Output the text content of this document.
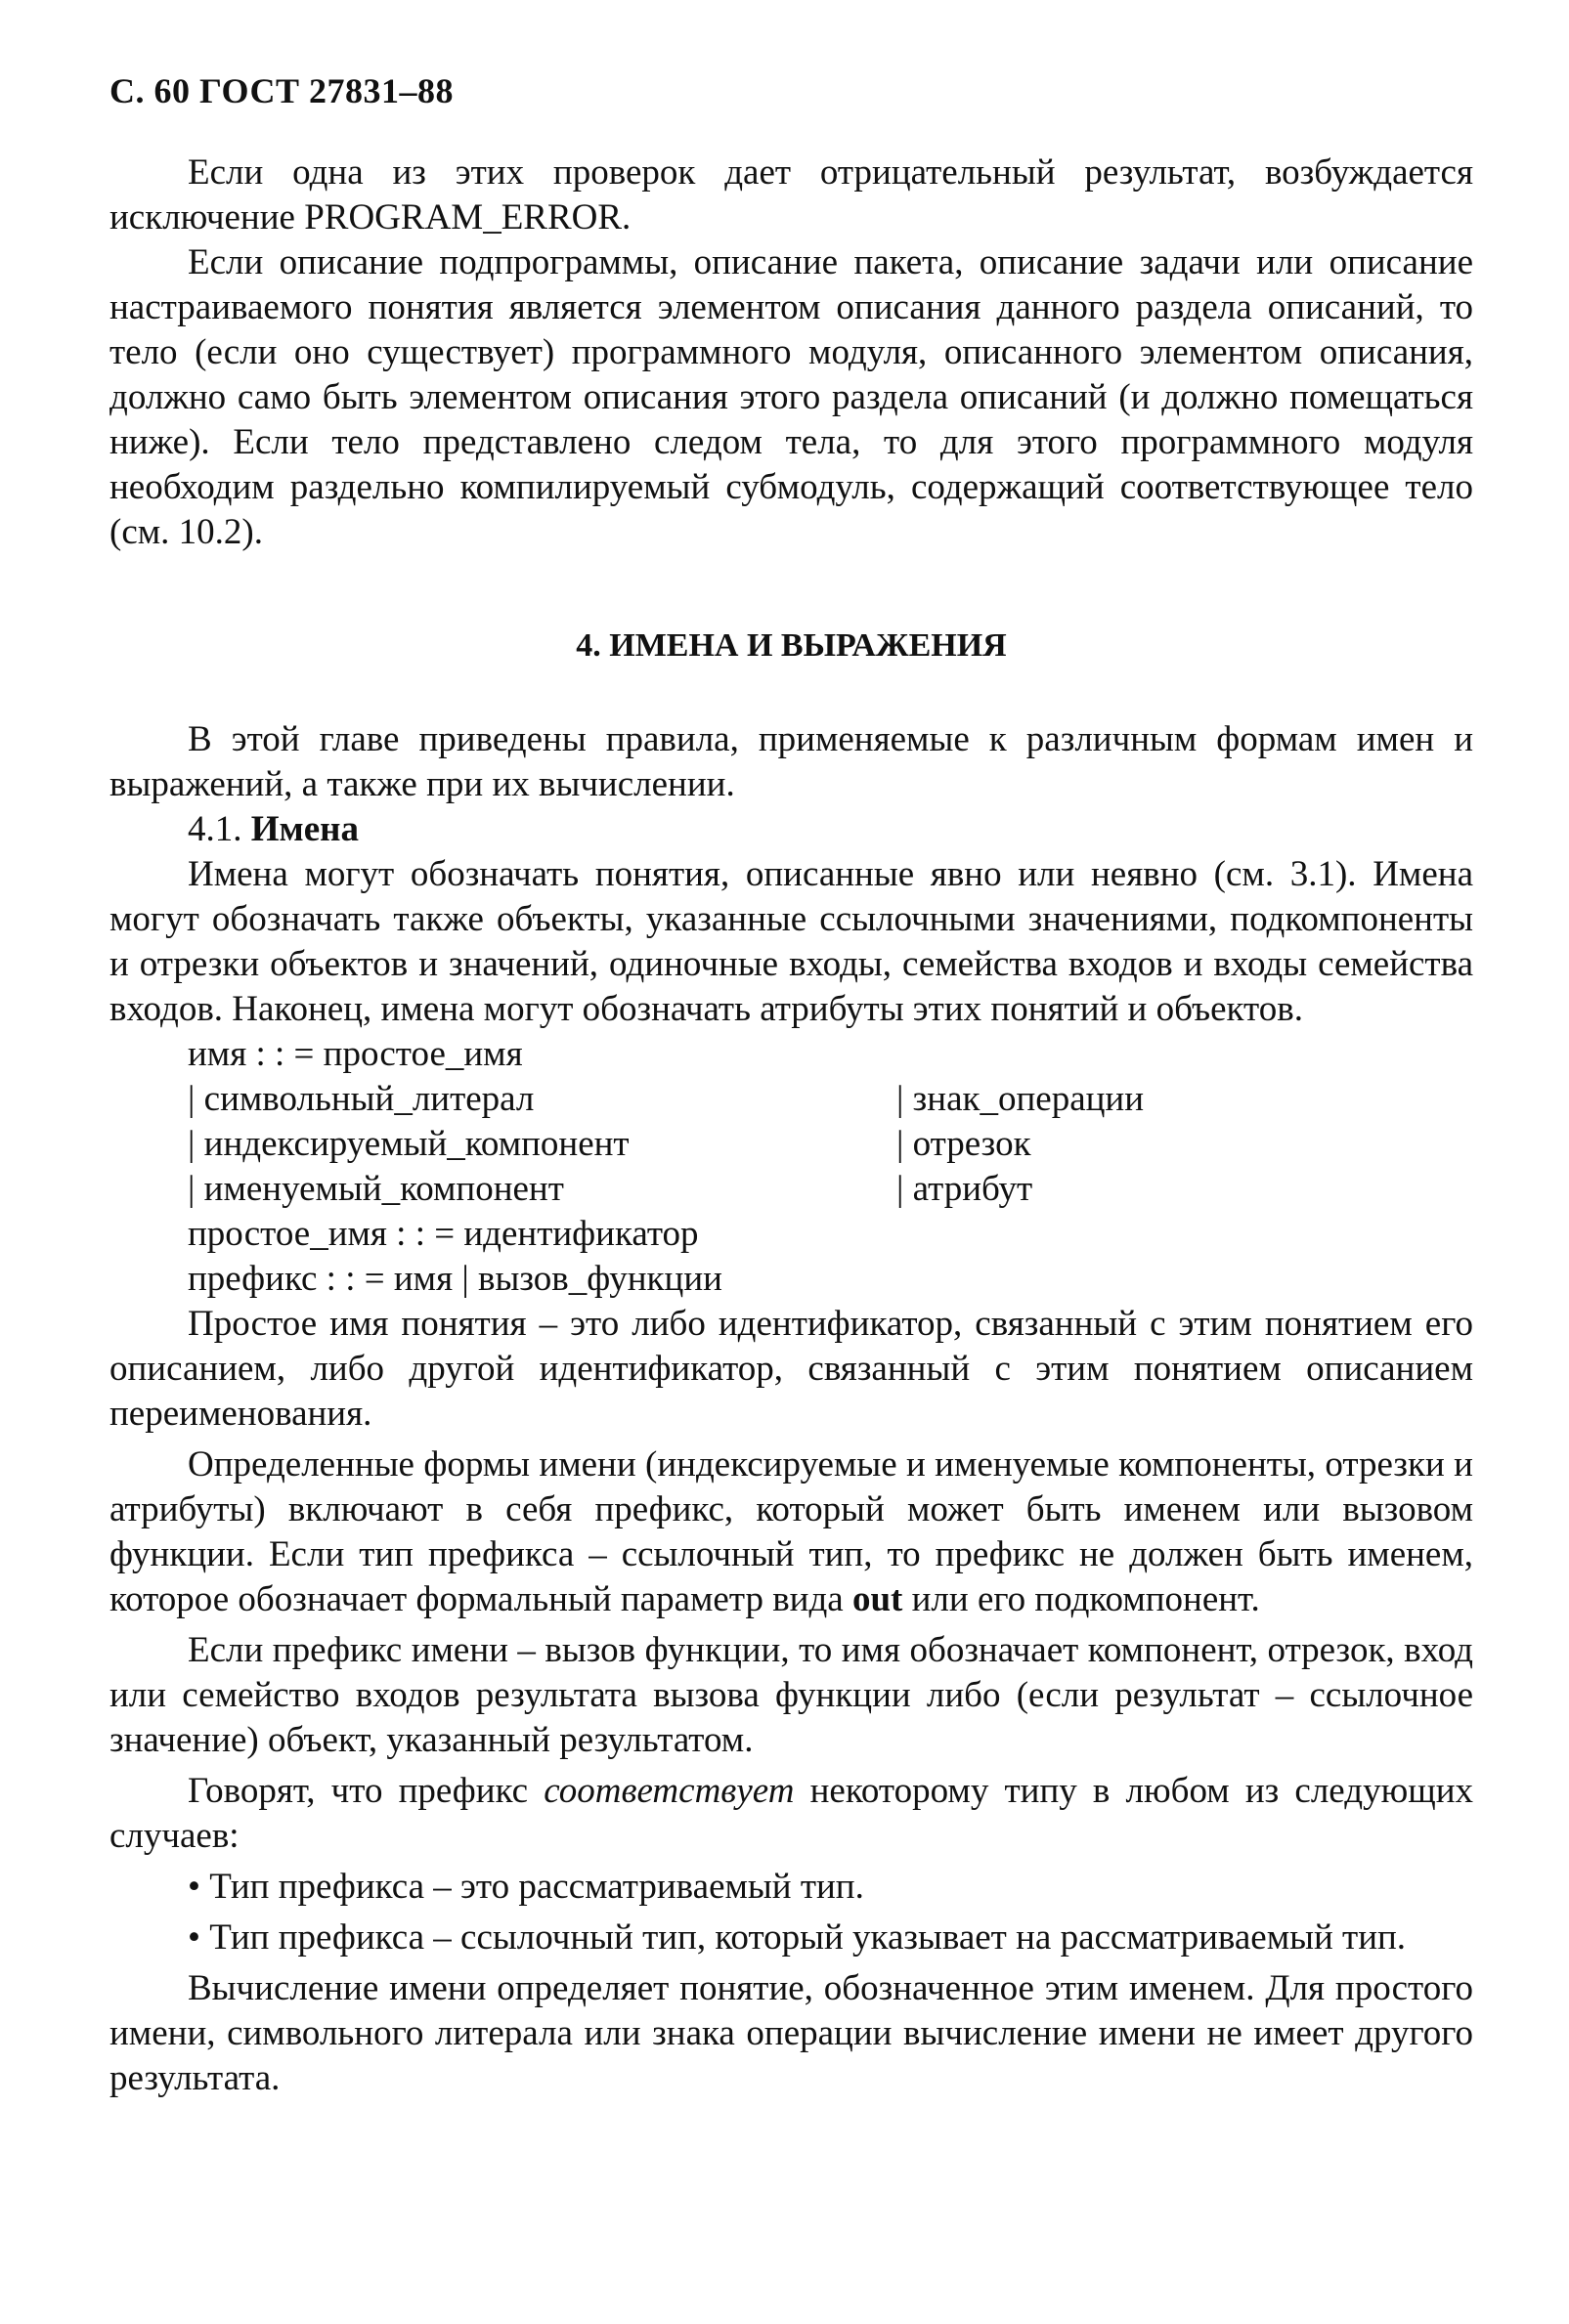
С. 60 ГОСТ 27831–88

Если одна из этих проверок дает отрицательный результат, возбуждается исключение PROGRAM_ERROR.

Если описание подпрограммы, описание пакета, описание задачи или описание настраиваемого понятия является элементом описания данного раздела описаний, то тело (если оно существует) программного модуля, описанного элементом описания, должно само быть элементом описания этого раздела описаний (и должно помещаться ниже). Если тело представлено следом тела, то для этого программного модуля необходим раздельно компилируемый субмодуль, содержащий соответствующее тело (см. 10.2).

4. ИМЕНА И ВЫРАЖЕНИЯ

В этой главе приведены правила, применяемые к различным формам имен и выражений, а также при их вычислении.

4.1. Имена

Имена могут обозначать понятия, описанные явно или неявно (см. 3.1). Имена могут обозначать также объекты, указанные ссылочными значениями, подкомпоненты и отрезки объектов и значений, одиночные входы, семейства входов и входы семейства входов. Наконец, имена могут обозначать атрибуты этих понятий и объектов.

имя : : = простое_имя
| символьный_литерал	| знак_операции
| индексируемый_компонент	| отрезок
| именуемый_компонент	| атрибут
простое_имя : : = идентификатор
префикс : : = имя | вызов_функции

Простое имя понятия – это либо идентификатор, связанный с этим понятием его описанием, либо другой идентификатор, связанный с этим понятием описанием переименования.

Определенные формы имени (индексируемые и именуемые компоненты, отрезки и атрибуты) включают в себя префикс, который может быть именем или вызовом функции. Если тип префикса – ссылочный тип, то префикс не должен быть именем, которое обозначает формальный параметр вида out или его подкомпонент.

Если префикс имени – вызов функции, то имя обозначает компонент, отрезок, вход или семейство входов результата вызова функции либо (если результат – ссылочное значение) объект, указанный результатом.

Говорят, что префикс соответствует некоторому типу в любом из следующих случаев:

• Тип префикса – это рассматриваемый тип.

• Тип префикса – ссылочный тип, который указывает на рассматриваемый тип.

Вычисление имени определяет понятие, обозначенное этим именем. Для простого имени, символьного литерала или знака операции вычисление имени не имеет другого результата.
